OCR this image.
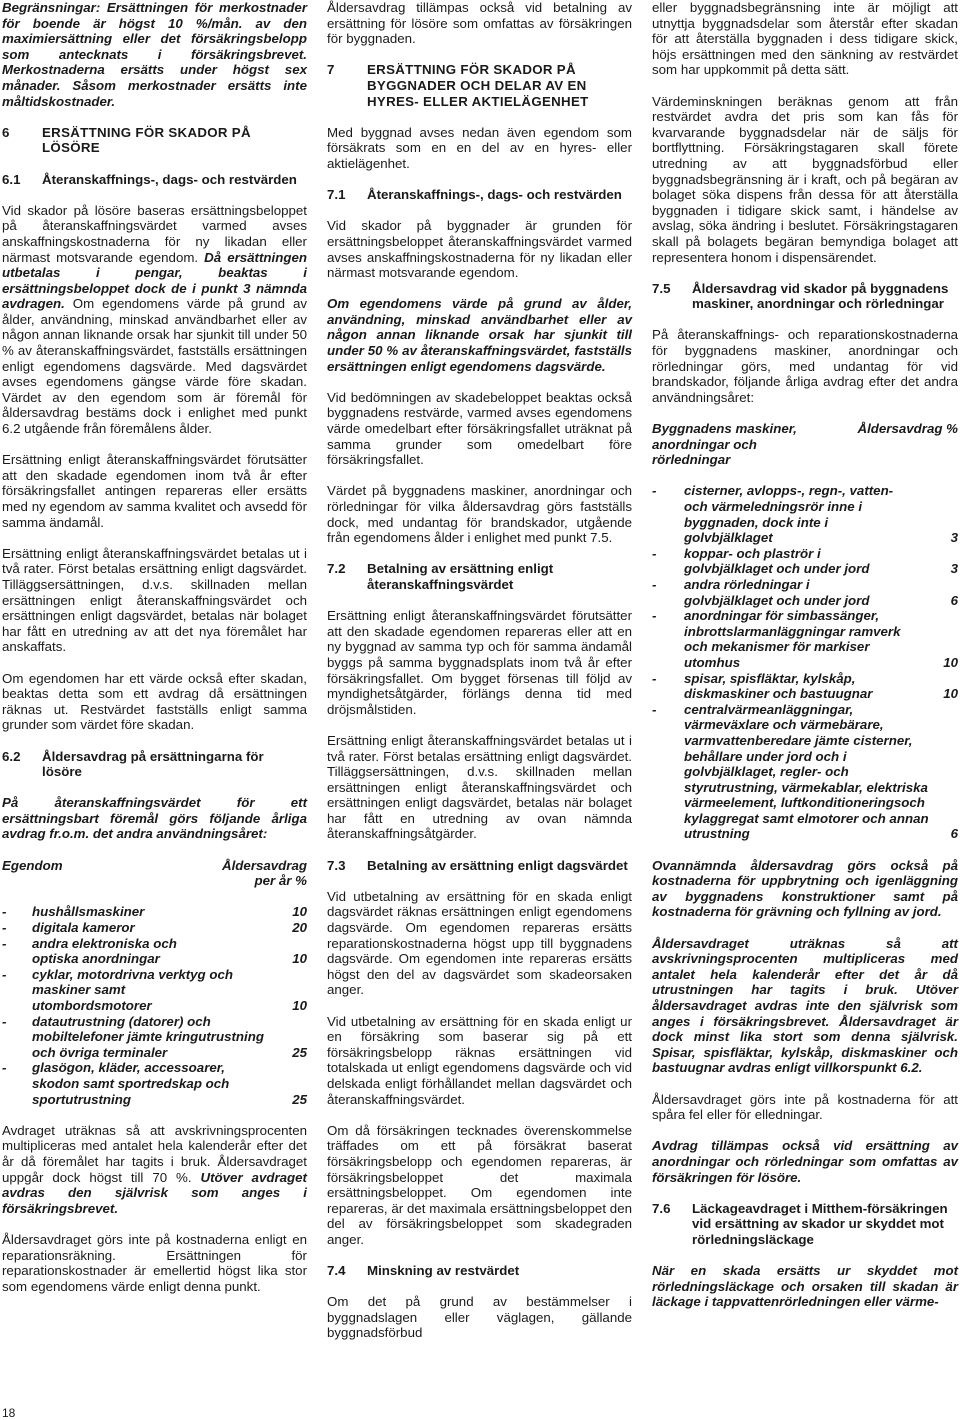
Begränsningar: Ersättningen för merkostnader för boende är högst 10 %/mån. av den maximiersättning eller det försäkringsbelopp som antecknats i försäkringsbrevet. Merkostnaderna ersätts under högst sex månader. Såsom merkostnader ersätts inte måltidskostnader.

6	ERSÄTTNING FÖR SKADOR PÅ LÖSÖRE
6.1	Återanskaffnings-, dags- och restvärden

Vid skador på lösöre baseras ersättningsbeloppet på återanskaffningsvärdet varmed avses anskaffningskostnaderna för ny likadan eller närmast motsvarande egendom. Då ersättningen utbetalas i pengar, beaktas i ersättningsbeloppet dock de i punkt 3 nämnda avdragen. Om egendomens värde på grund av ålder, användning, minskad användbarhet eller av någon annan liknande orsak har sjunkit till under 50 % av återanskaffningsvärdet, fastställs ersättningen enligt egendomens dagsvärde. Med dagsvärdet avses egendomens gängse värde före skadan. Värdet av den egendom som är föremål för åldersavdrag bestäms dock i enlighet med punkt 6.2 utgående från föremålens ålder.

Ersättning enligt återanskaffningsvärdet förutsätter att den skadade egendomen inom två år efter försäkringsfallet antingen repareras eller ersätts med ny egendom av samma kvalitet och avsedd för samma ändamål.

Ersättning enligt återanskaffningsvärdet betalas ut i två rater. Först betalas ersättning enligt dagsvärdet. Tilläggsersättningen, d.v.s. skillnaden mellan ersättningen enligt återanskaffningsvärdet och ersättningen enligt dagsvärdet, betalas när bolaget har fått en utredning av att det nya föremålet har anskaffats.

Om egendomen har ett värde också efter skadan, beaktas detta som ett avdrag då ersättningen räknas ut. Restvärdet fastställs enligt samma grunder som värdet före skadan.

6.2	Åldersavdrag på ersättningarna för lösöre

På återanskaffningsvärdet för ett ersättningsbart föremål görs följande årliga avdrag fr.o.m. det andra användningsåret:

Egendom	Åldersavdrag per år %
-	hushållsmaskiner	10
-	digitala kameror	20
-	andra elektroniska och optiska anordningar	10
-	cyklar, motordrivna verktyg och maskiner samt utombordsmotorer	10
-	datautrustning (datorer) och mobiltelefoner jämte kringutrustning och övriga terminaler	25
-	glasögon, kläder, accessoarer, skodon samt sportredskap och sportutrustning	25

Avdraget uträknas så att avskrivningsprocenten multipliceras med antalet hela kalenderår efter det år då föremålet har tagits i bruk. Åldersavdraget uppgår dock högst till 70 %. Utöver avdraget avdras den självrisk som anges i försäkringsbrevet.

Åldersavdraget görs inte på kostnaderna enligt en reparationsräkning. Ersättningen för reparationskostnader är emellertid högst lika stor som egendomens värde enligt denna punkt.

Åldersavdrag tillämpas också vid betalning av ersättning för lösöre som omfattas av försäkringen för byggnaden.

7	ERSÄTTNING FÖR SKADOR PÅ BYGGNADER OCH DELAR AV EN HYRES- ELLER AKTIELÄGENHET

Med byggnad avses nedan även egendom som försäkrats som en en del av en hyres- eller aktielägenhet.

7.1	Återanskaffnings-, dags- och restvärden

Vid skador på byggnader är grunden för ersättningsbeloppet återanskaffningsvärdet varmed avses anskaffningskostnaderna för ny likadan eller närmast motsvarande egendom.

Om egendomens värde på grund av ålder, användning, minskad användbarhet eller av någon annan liknande orsak har sjunkit till under 50 % av återanskaffningsvärdet, fastställs ersättningen enligt egendomens dagsvärde.

Vid bedömningen av skadebeloppet beaktas också byggnadens restvärde, varmed avses egendomens värde omedelbart efter försäkringsfallet uträknat på samma grunder som omedelbart före försäkringsfallet.

Värdet på byggnadens maskiner, anordningar och rörledningar för vilka åldersavdrag görs fastställs dock, med undantag för brandskador, utgående från egendomens ålder i enlighet med punkt 7.5.

7.2	Betalning av ersättning enligt återanskaffningsvärdet

Ersättning enligt återanskaffningsvärdet förutsätter att den skadade egendomen repareras eller att en ny byggnad av samma typ och för samma ändamål byggs på samma byggnadsplats inom två år efter försäkringsfallet. Om bygget försenas till följd av myndighetsåtgärder, förlängs denna tid med dröjsmålstiden.

Ersättning enligt återanskaffningsvärdet betalas ut i två rater. Först betalas ersättning enligt dagsvärdet. Tilläggsersättningen, d.v.s. skillnaden mellan ersättningen enligt återanskaffningsvärdet och ersättningen enligt dagsvärdet, betalas när bolaget har fått en utredning av ovan nämnda återanskaffningsåtgärder.

7.3	Betalning av ersättning enligt dagsvärdet

Vid utbetalning av ersättning för en skada enligt dagsvärdet räknas ersättningen enligt egendomens dagsvärde. Om egendomen repareras ersätts reparationskostnaderna högst upp till byggnadens dagsvärde. Om egendomen inte repareras ersätts högst den del av dagsvärdet som skadeorsaken anger.

Vid utbetalning av ersättning för en skada enligt ur en försäkring som baserar sig på ett försäkringsbelopp räknas ersättningen vid totalskada ut enligt egendomens dagsvärde och vid delskada enligt förhållandet mellan dagsvärdet och återanskaffningsvärdet.

Om då försäkringen tecknades överenskommelse träffades om ett på försäkrat baserat försäkringsbelopp och egendomen repareras, är försäkringsbeloppet det maximala ersättningsbeloppet. Om egendomen inte repareras, är det maximala ersättningsbeloppet den del av försäkringsbeloppet som skadegraden anger.

7.4	Minskning av restvärdet

Om det på grund av bestämmelser i byggnadslagen eller väglagen, gällande byggnadsförbud

eller byggnadsbegränsning inte är möjligt att utnyttja byggnadsdelar som återstår efter skadan för att återställa byggnaden i dess tidigare skick, höjs ersättningen med den sänkning av restvärdet som har uppkommit på detta sätt.

Värdeminskningen beräknas genom att från restvärdet avdra det pris som kan fås för kvarvarande byggnadsdelar när de säljs för bortflyttning. Försäkringstagaren skall förete utredning av att byggnadsförbud eller byggnadsbegränsning är i kraft, och på begäran av bolaget söka dispens från dessa för att återställa byggnaden i tidigare skick samt, i händelse av avslag, söka ändring i beslutet. Försäkringstagaren skall på bolagets begäran bemyndiga bolaget att representera honom i dispensärendet.

7.5	Åldersavdrag vid skador på byggnadens maskiner, anordningar och rörledningar

På återanskaffnings- och reparationskostnaderna för byggnadens maskiner, anordningar och rörledningar görs, med undantag för vid brandskador, följande årliga avdrag efter det andra användningsåret:

Byggnadens maskiner, anordningar och rörledningar
Åldersavdrag %
-	cisterner, avlopps-, regn-, vatten- och värmeledningsrör inne i byggnaden, dock inte i golvbjälklaget	3
-	koppar- och plaströr i golvbjälklaget och under jord	3
-	andra rörledningar i golvbjälklaget och under jord	6
-	anordningar för simbassänger, inbrottslarmanläggningar ramverk och mekanismer för markiser utomhus	10
-	spisar, spisfläktar, kylskåp, diskmaskiner och bastuugnar	10
-	centralvärmeanläggningar, värmeväxlare och värmebärare, varmvattenberedare jämte cisterner, behållare under jord och i golvbjälklaget, regler- och styrutrustning, värmekablar, elektriska värmeelement, luftkonditioneringsoch kylaggregat samt elmotorer och annan utrustning	6

Ovannämnda åldersavdrag görs också på kostnaderna för uppbrytning och igenläggning av byggnadens konstruktioner samt på kostnaderna för grävning och fyllning av jord.

Åldersavdraget uträknas så att avskrivningsprocenten multipliceras med antalet hela kalenderår efter det år då utrustningen har tagits i bruk. Utöver åldersavdraget avdras inte den självrisk som anges i försäkringsbrevet. Åldersavdraget är dock minst lika stort som denna självrisk. Spisar, spisfläktar, kylskåp, diskmaskiner och bastuugnar avdras enligt villkorspunkt 6.2.

Åldersavdraget görs inte på kostnaderna för att spåra fel eller för elledningar.

Avdrag tillämpas också vid ersättning av anordningar och rörledningar som omfattas av försäkringen för lösöre.

7.6	Läckageavdraget i Mitthem-försäkringen vid ersättning av skador ur skyddet mot rörledningsläckage

När en skada ersätts ur skyddet mot rörledningsläckage och orsaken till skadan är läckage i tappvattenrörledningen eller värme-

18
